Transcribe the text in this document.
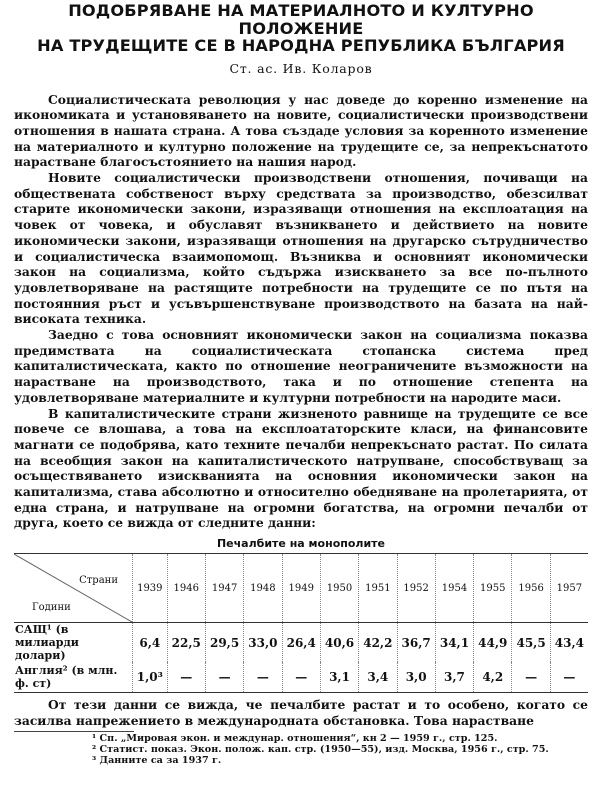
ПОДОБРЯВАНЕ НА МАТЕРИАЛНОТО И КУЛТУРНО ПОЛОЖЕНИЕ
НА ТРУДЕЩИТЕ СЕ В НАРОДНА РЕПУБЛИКА БЪЛГАРИЯ
Ст. ас. Ив. Коларов

Социалистическата революция у нас доведе до коренно изменение на икономиката и установяването на новите, социалистически производствени отношения в нашата страна. А това създаде условия за коренното изменение на материалното и културно положение на трудещите се, за непрекъснатото нарастване благосъстоянието на нашия народ.

Новите социалистически производствени отношения, почиващи на обществената собственост върху средствата за производство, обезсилват старите икономически закони, изразяващи отношения на експлоатация на човек от човека, и обуславят възникването и действието на новите икономически закони, изразяващи отношения на другарско сътрудничество и социалистическа взаимопомощ. Възниква и основният икономически закон на социализма, който съдържа изискването за все по-пълното удовлетворяване на растящите потребности на трудещите се по пътя на постоянния ръст и усъвършенствуване производството на базата на най-високата техника.

Заедно с това основният икономически закон на социализма показва предимствата на социалистическата стопанска система пред капиталистическата, както по отношение неограничените възможности на нарастване на производството, така и по отношение степента на удовлетворяване материалните и културни потребности на народите маси.

В капиталистическите страни жизненото равнище на трудещите се все повече се влошава, а това на експлоататорските класи, на финансовите магнати се подобрява, като техните печалби непрекъснато растат. По силата на всеобщия закон на капиталистическото натрупване, способствуващ за осъществяването изискванията на основния икономически закон на капитализма, става абсолютно и относително обедняване на пролетарията, от една страна, и натрупване на огромни богатства, на огромни печалби от друга, което се вижда от следните данни:

Печалбите на монополите
Страни
Години	1939	1946	1947	1948	1949	1950	1951	1952	1954	1955	1956	1957
САЩ¹ (в милиарди долари)	6,4	22,5	29,5	33,0	26,4	40,6	42,2	36,7	34,1	44,9	45,5	43,4
Англия² (в млн. ф. ст)	1,0³	—	—	—	—	3,1	3,4	3,0	3,7	4,2	—	—

От тези данни се вижда, че печалбите растат и то особено, когато се засилва напрежението в международната обстановка. Това нарастване

¹ Сп. „Мировая экон. и междунар. отношения“, кн 2 — 1959 г., стр. 125.
² Статист. показ. Экон. полож. кап. стр. (1950—55), изд. Москва, 1956 г., стр. 75.
³ Данните са за 1937 г.
